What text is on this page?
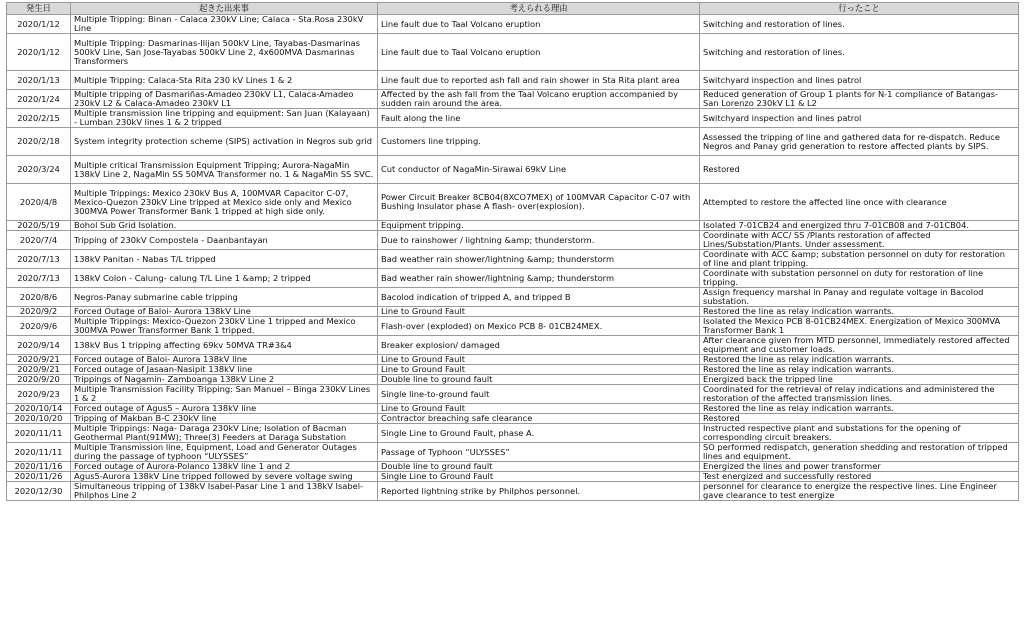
発生日	起きた出来事	考えられる理由	行ったこと
2020/1/12	Multiple Tripping: Binan - Calaca 230kV Line; Calaca - Sta.Rosa 230kV Line	Line fault due to Taal Volcano eruption	Switching and restoration of lines.
2020/1/12	Multiple Tripping: Dasmarinas-Ilijan 500kV Line, Tayabas-Dasmarinas 500kV Line, San Jose-Tayabas 500kV Line 2, 4x600MVA Dasmarinas Transformers	Line fault due to Taal Volcano eruption	Switching and restoration of lines.
2020/1/13	Multiple Tripping: Calaca-Sta Rita 230 kV Lines 1 & 2	Line fault due to reported ash fall and rain shower in Sta Rita plant area	Switchyard inspection and lines patrol
2020/1/24	Multiple tripping of Dasmariñas-Amadeo 230kV L1, Calaca-Amadeo 230kV L2 & Calaca-Amadeo 230kV L1	Affected by the ash fall from the Taal Volcano eruption accompanied by sudden rain around the area.	Reduced generation of Group 1 plants for N-1 compliance of Batangas- San Lorenzo 230kV L1 & L2
2020/2/15	Multiple transmission line tripping and equipment: San Juan (Kalayaan) - Lumban 230kV lines 1 & 2 tripped	Fault along the line	Switchyard inspection and lines patrol
2020/2/18	System integrity protection scheme (SIPS) activation in Negros sub grid	Customers line tripping.	Assessed the tripping of line and gathered data for re-dispatch. Reduce Negros and Panay grid generation to restore affected plants by SIPS.
2020/3/24	Multiple critical Transmission Equipment Tripping; Aurora-NagaMin 138kV Line 2, NagaMin SS 50MVA Transformer no. 1 & NagaMin SS SVC.	Cut conductor of NagaMin-Sirawai 69kV Line	Restored
2020/4/8	Multiple Trippings: Mexico 230kV Bus A, 100MVAR Capacitor C-07, Mexico-Quezon 230kV Line tripped at Mexico side only and Mexico 300MVA Power Transformer Bank 1 tripped at high side only.	Power Circuit Breaker 8CB04(8XCO7MEX) of 100MVAR Capacitor C-07 with Bushing Insulator phase A flash- over(explosion).	Attempted to restore the affected line once with clearance
2020/5/19	Bohol Sub Grid Isolation.	Equipment tripping.	Isolated 7-01CB24 and energized thru 7-01CB08 and 7-01CB04.
2020/7/4	Tripping of 230kV Compostela - Daanbantayan	Due to rainshower / lightning &amp; thunderstorm.	Coordinate with ACC/ SS /Plants restoration of affected Lines/Substation/Plants. Under assessment.
2020/7/13	138kV Panitan - Nabas T/L tripped	Bad weather rain shower/lightning &amp; thunderstorm	Coordinate with ACC &amp; substation personnel on duty for restoration of line and plant tripping.
2020/7/13	138kV Colon - Calung- calung T/L Line 1 &amp; 2 tripped	Bad weather rain shower/lightning &amp; thunderstorm	Coordinate with substation personnel on duty for restoration of line tripping.
2020/8/6	Negros-Panay submarine cable tripping	Bacolod indication of tripped A, and tripped B	Assign frequency marshal in Panay and regulate voltage in Bacolod substation.
2020/9/2	Forced Outage of Baloi- Aurora 138kV Line	Line to Ground Fault	Restored the line as relay indication warrants.
2020/9/6	Multiple Trippings: Mexico-Quezon 230kV Line 1 tripped and Mexico 300MVA Power Transformer Bank 1 tripped.	Flash-over (exploded) on Mexico PCB 8- 01CB24MEX.	Isolated the Mexico PCB 8-01CB24MEX. Energization of Mexico 300MVA Transformer Bank 1
2020/9/14	138kV Bus 1 tripping affecting 69kv 50MVA TR#3&4	Breaker explosion/ damaged	After clearance given from MTD personnel, immediately restored affected equipment and customer loads.
2020/9/21	Forced outage of Baloi- Aurora 138kV line	Line to Ground Fault	Restored the line as relay indication warrants.
2020/9/21	Forced outage of Jasaan-Nasipit 138kV line	Line to Ground Fault	Restored the line as relay indication warrants.
2020/9/20	Trippings of Nagamin- Zamboanga 138kV Line 2	Double line to ground fault	Energized back the tripped line
2020/9/23	Multiple Transmission Facility Tripping: San Manuel – Binga 230kV Lines 1 & 2	Single line-to-ground fault	Coordinated for the retrieval of relay indications and administered the restoration of the affected transmission lines.
2020/10/14	Forced outage of Agus5 – Aurora 138kV line	Line to Ground Fault	Restored the line as relay indication warrants.
2020/10/20	Tripping of Makban B-C 230kV line	Contractor breaching safe clearance	Restored
2020/11/11	Multiple Trippings: Naga- Daraga 230kV Line; Isolation of Bacman Geothermal Plant(91MW); Three(3) Feeders at Daraga Substation	Single Line to Ground Fault, phase A.	Instructed respective plant and substations for the opening of corresponding circuit breakers.
2020/11/11	Multiple Transmission line, Equipment, Load and Generator Outages during the passage of typhoon “ULYSSES”	Passage of Typhoon “ULYSSES”	SO performed redispatch, generation shedding and restoration of tripped lines and equipment.
2020/11/16	Forced outage of Aurora-Polanco 138kV line 1 and 2	Double line to ground fault	Energized the lines and power transformer
2020/11/26	Agus5-Aurora 138kV Line tripped followed by severe voltage swing	Single Line to Ground Fault	Test energized and successfully restored
2020/12/30	Simultaneous tripping of 138kV Isabel-Pasar Line 1 and 138kV Isabel- Philphos Line 2	Reported lightning strike by Philphos personnel.	personnel for clearance to energize the respective lines. Line Engineer gave clearance to test energize
